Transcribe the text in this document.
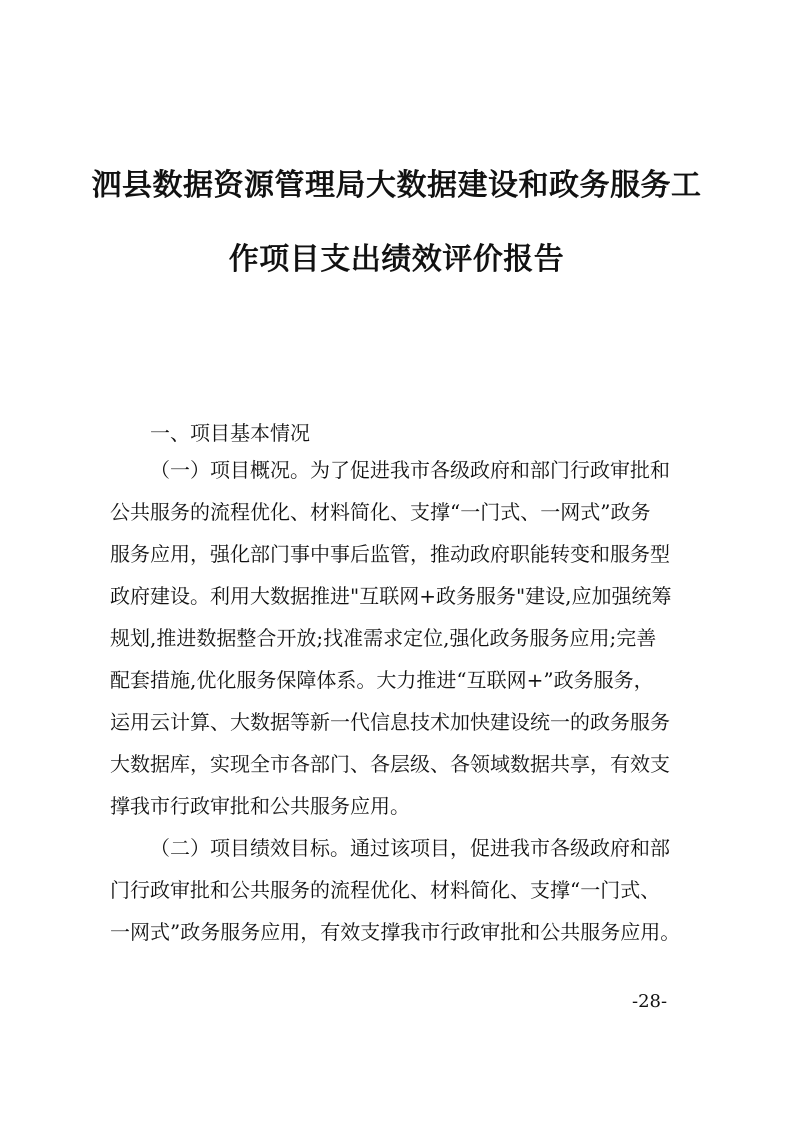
泗县数据资源管理局大数据建设和政务服务工
作项目支出绩效评价报告
一、项目基本情况
（一）项目概况。为了促进我市各级政府和部门行政审批和
公共服务的流程优化、材料简化、支撑“一门式、一网式”政务
服务应用，强化部门事中事后监管，推动政府职能转变和服务型
政府建设。利用大数据推进"互联网+政务服务"建设,应加强统筹
规划,推进数据整合开放;找准需求定位,强化政务服务应用;完善
配套措施,优化服务保障体系。大力推进“互联网+”政务服务，
运用云计算、大数据等新一代信息技术加快建设统一的政务服务
大数据库，实现全市各部门、各层级、各领域数据共享，有效支
撑我市行政审批和公共服务应用。
（二）项目绩效目标。通过该项目，促进我市各级政府和部
门行政审批和公共服务的流程优化、材料简化、支撑“一门式、
一网式”政务服务应用，有效支撑我市行政审批和公共服务应用。
-28-
